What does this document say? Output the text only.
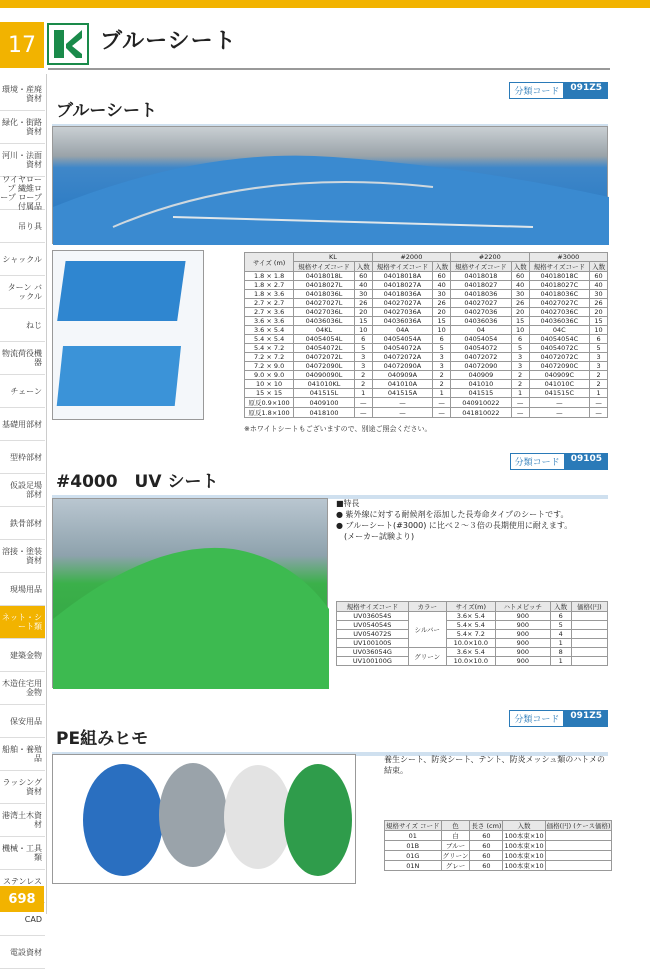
17	ブルーシート
環境・産廃資材
緑化・街路資材
河川・法面資材
ワイヤロープ 繊維ロープ ロープ付属品
吊り具
シャックル
ターン バックル
ねじ
物流荷役機器
チェーン
基礎用部材
型枠部材
仮設足場 部材
鉄骨部材
溶接・塗装資材
現場用品
ネット・シート類
建築金物
木造住宅用金物
保安用品
船舶・養殖品
ラッシング資材
港湾土木資材
機械・工具類
ステンレス
CAD
電設資材
698
分類コード	091Z5
ブルーシート
サイズ (m)	KL		#2000		#2200		#3000	
	規格サイズコード	入数	規格サイズコード	入数	規格サイズコード	入数	規格サイズコード	入数
1.8 × 1.8	04018018L	60	04018018A	60	04018018	60	04018018C	60
1.8 × 2.7	04018027L	40	04018027A	40	04018027	40	04018027C	40
1.8 × 3.6	04018036L	30	04018036A	30	04018036	30	04018036C	30
2.7 × 2.7	04027027L	26	04027027A	26	04027027	26	04027027C	26
2.7 × 3.6	04027036L	20	04027036A	20	04027036	20	04027036C	20
3.6 × 3.6	04036036L	15	04036036A	15	04036036	15	04036036C	15
3.6 × 5.4	04KL	10	04A	10	04	10	04C	10
5.4 × 5.4	04054054L	6	04054054A	6	04054054	6	04054054C	6
5.4 × 7.2	04054072L	5	04054072A	5	04054072	5	04054072C	5
7.2 × 7.2	04072072L	3	04072072A	3	04072072	3	04072072C	3
7.2 × 9.0	04072090L	3	04072090A	3	04072090	3	04072090C	3
9.0 × 9.0	04090090L	2	040909A	2	040909	2	040909C	2
10 × 10	041010KL	2	041010A	2	041010	2	041010C	2
15 × 15	041515L	1	041515A	1	041515	1	041515C	1
原反0.9×100	0409100	—	—	—	040910022	—	—	—
原反1.8×100	0418100	—	—	—	041810022	—	—	—
※ホワイトシートもございますので、別途ご照会ください。
分類コード	09105
#4000　UV シート
■特長
● 紫外線に対する耐候剤を添加した長寿命タイプのシートです。
● ブルーシート(#3000) に比べ２～３倍の長期使用に耐えます。
　(メーカー試験より)
規格サイズコード	カラー	サイズ(m)	ハトメピッチ	入数	価格(円)
UV036054S	シルバー	3.6× 5.4	900	6	
UV054054S		5.4× 5.4	900	5	
UV054072S		5.4× 7.2	900	4	
UV100100S		10.0×10.0	900	1	
UV036054G	グリーン	3.6× 5.4	900	8	
UV100100G		10.0×10.0	900	1	
分類コード	091Z5
PE組みヒモ
養生シート、防炎シート、テント、防炎メッシュ類のハトメの結束。
規格サイズ コード	色	長さ (cm)	入数	価格(円) (ケース価格)
01	白	60	100本束×10	
01B	ブルー	60	100本束×10	
01G	グリーン	60	100本束×10	
01N	グレー	60	100本束×10	
